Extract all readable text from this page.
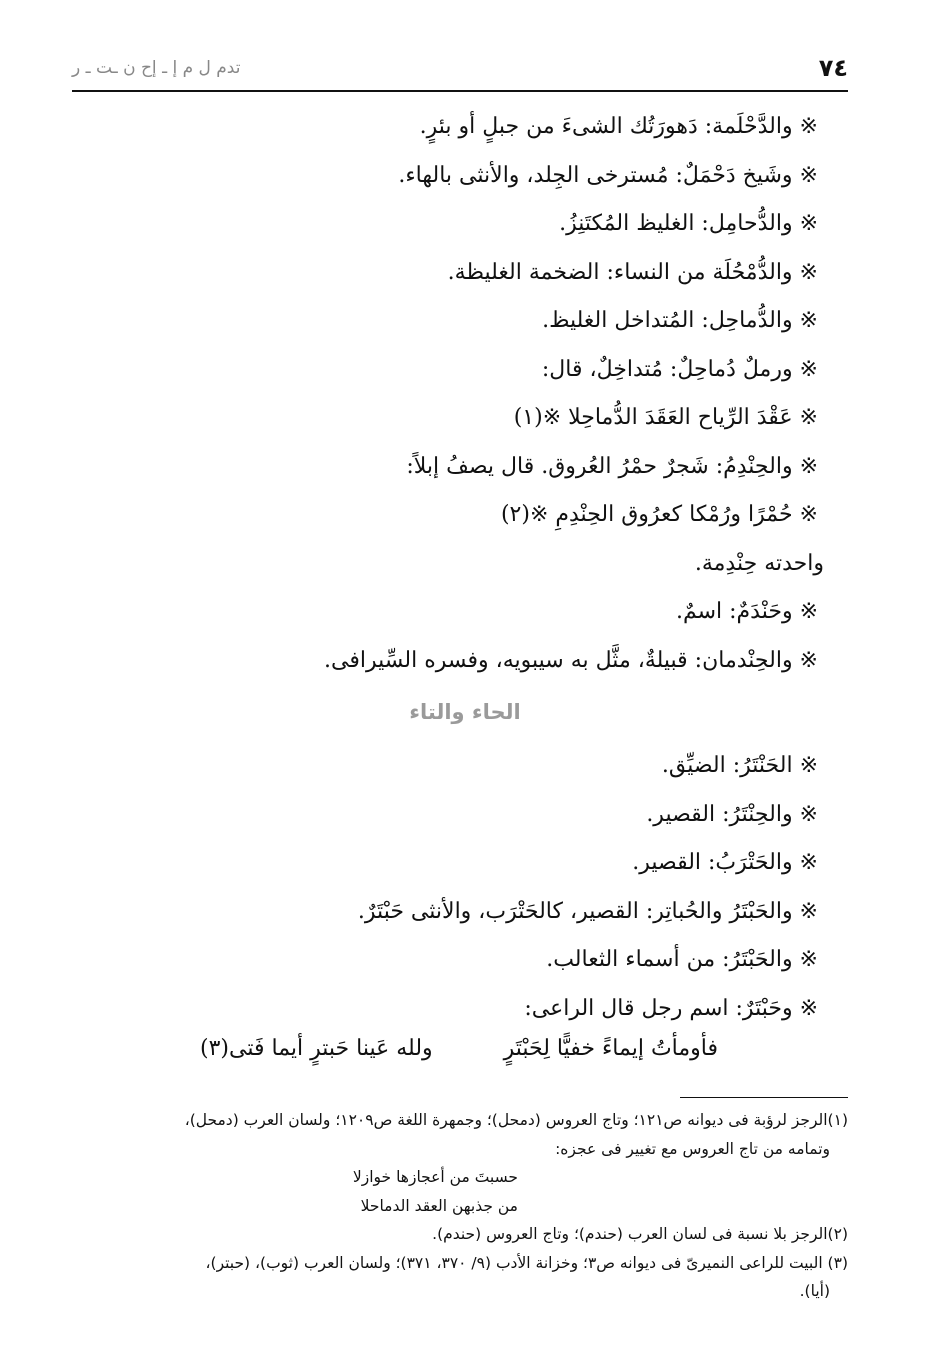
٧٤
تدم ل م إ ـ إح ن ـت ـ ر
※ والدَّحْلَمة: دَهورَتُك الشىءَ من جبلٍ أو بئرٍ.
※ وشَيخ دَحْمَلٌ: مُسترخى الجِلد، والأنثى بالهاء.
※ والدُّحامِل: الغليظ المُكتَنِزُ.
※ والدُّمْحُلَة من النساء: الضخمة الغليظة.
※ والدُّماحِل: المُتداخل الغليظ.
※ ورملٌ دُماحِلٌ: مُتداخِلٌ، قال:
※ عَقْدَ الرِّياح العَقَدَ الدُّماحِلا ※(١)
※ والحِنْدِمُ: شَجرٌ حمْرُ العُروق. قال يصفُ إبلاً:
※ حُمْرًا ورُمْكا كعرُوق الحِنْدِمِ ※(٢)
واحدته حِنْدِمة.
※ وحَنْدَمٌ: اسمٌ.
※ والحِنْدمان: قبيلةٌ، مثَّل به سيبويه، وفسره السِّيرافى.
الحاء والتاء
※ الحَنْتَرُ: الضيِّق.
※ والحِنْتَرُ: القصير.
※ والحَتْرَبُ: القصير.
※ والحَبْتَرُ والحُباتِر: القصير، كالحَتْرَب، والأنثى حَبْتَرٌ.
※ والحَبْتَرُ: من أسماء الثعالب.
※ وحَبْتَرٌ: اسم رجل قال الراعى:
فأومأتُ إيماءً خفيًّا لِحَبْتَرٍ
ولله عَينا حَبترٍ أيما فَتى(٣)
(١)الرجز لرؤبة فى ديوانه ص١٢١؛ وتاج العروس (دمحل)؛ وجمهرة اللغة ص١٢٠٩؛ ولسان العرب (دمحل)،
وتمامه من تاج العروس مع تغيير فى عجزه:
حسبتَ من أعجازها خوازلا
من جذبهن العقد الدماحلا
(٢)الرجز بلا نسبة فى لسان العرب (حندم)؛ وتاج العروس (حندم).
(٣) البيت للراعى النميرىّ فى ديوانه ص٣؛ وخزانة الأدب (٩/ ٣٧٠، ٣٧١)؛ ولسان العرب (ثوب)، (حبتر)،
(أيا).
